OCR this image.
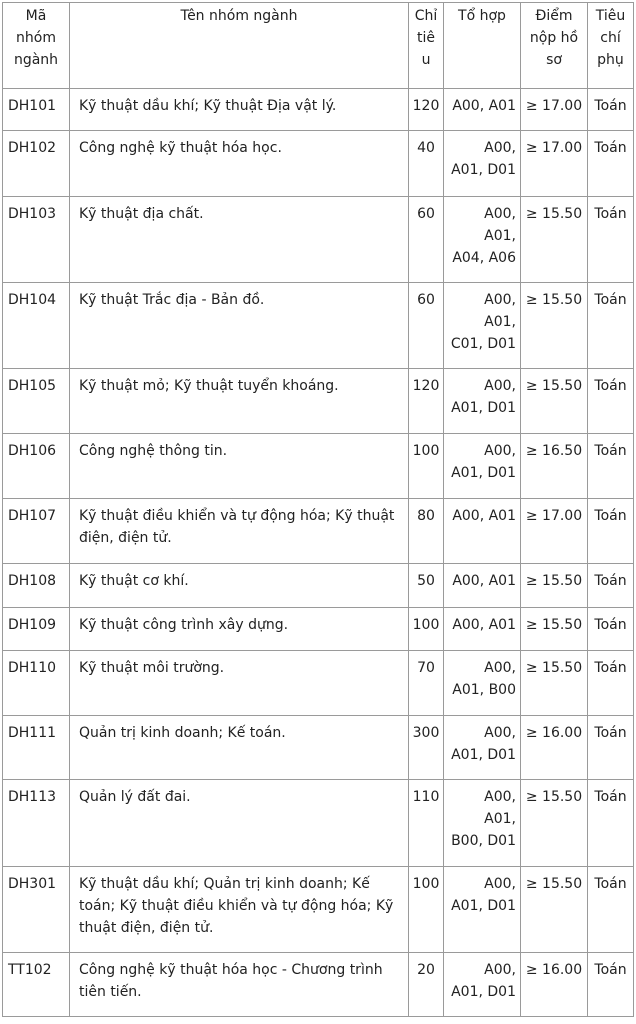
Mã nhóm ngành	Tên nhóm ngành	Chỉ tiêu	Tổ hợp	Điểm nộp hồ sơ	Tiêu chí phụ
DH101	Kỹ thuật dầu khí; Kỹ thuật Địa vật lý.	120	A00, A01	≥ 17.00	Toán
DH102	Công nghệ kỹ thuật hóa học.	40	A00, A01, D01	≥ 17.00	Toán
DH103	Kỹ thuật địa chất.	60	A00, A01, A04, A06	≥ 15.50	Toán
DH104	Kỹ thuật Trắc địa - Bản đồ.	60	A00, A01, C01, D01	≥ 15.50	Toán
DH105	Kỹ thuật mỏ; Kỹ thuật tuyển khoáng.	120	A00, A01, D01	≥ 15.50	Toán
DH106	Công nghệ thông tin.	100	A00, A01, D01	≥ 16.50	Toán
DH107	Kỹ thuật điều khiển và tự động hóa; Kỹ thuật điện, điện tử.	80	A00, A01	≥ 17.00	Toán
DH108	Kỹ thuật cơ khí.	50	A00, A01	≥ 15.50	Toán
DH109	Kỹ thuật công trình xây dựng.	100	A00, A01	≥ 15.50	Toán
DH110	Kỹ thuật môi trường.	70	A00, A01, B00	≥ 15.50	Toán
DH111	Quản trị kinh doanh; Kế toán.	300	A00, A01, D01	≥ 16.00	Toán
DH113	Quản lý đất đai.	110	A00, A01, B00, D01	≥ 15.50	Toán
DH301	Kỹ thuật dầu khí; Quản trị kinh doanh; Kế toán; Kỹ thuật điều khiển và tự động hóa; Kỹ thuật điện, điện tử.	100	A00, A01, D01	≥ 15.50	Toán
TT102	Công nghệ kỹ thuật hóa học - Chương trình tiên tiến.	20	A00, A01, D01	≥ 16.00	Toán
